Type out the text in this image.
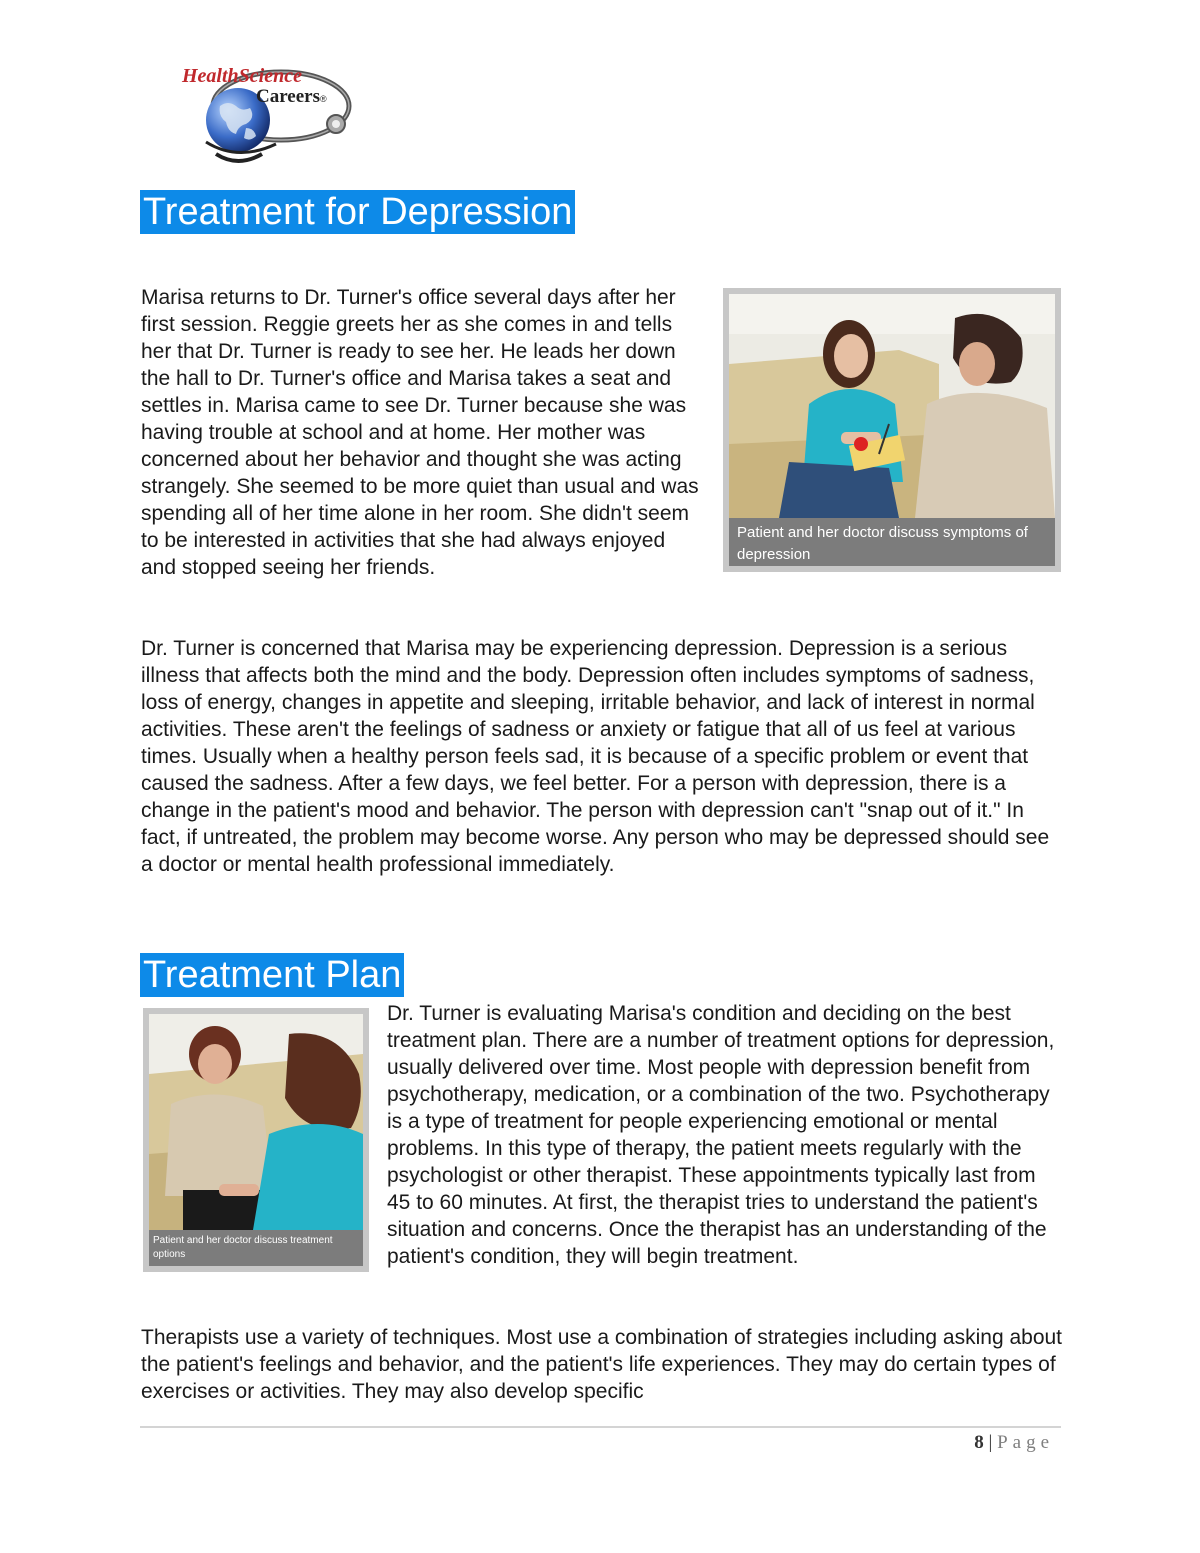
HealthScience
Careers ®
Treatment for Depression
Patient and her doctor discuss symptoms of depression

Marisa returns to Dr. Turner's office several days after her first session. Reggie greets her as she comes in and tells her that Dr. Turner is ready to see her. He leads her down the hall to Dr. Turner's office and Marisa takes a seat and settles in. Marisa came to see Dr. Turner because she was having trouble at school and at home. Her mother was concerned about her behavior and thought she was acting strangely. She seemed to be more quiet than usual and was spending all of her time alone in her room. She didn't seem to be interested in activities that she had always enjoyed and stopped seeing her friends.

Dr. Turner is concerned that Marisa may be experiencing depression. Depression is a serious illness that affects both the mind and the body. Depression often includes symptoms of sadness, loss of energy, changes in appetite and sleeping, irritable behavior, and lack of interest in normal activities. These aren't the feelings of sadness or anxiety or fatigue that all of us feel at various times. Usually when a healthy person feels sad, it is because of a specific problem or event that caused the sadness. After a few days, we feel better. For a person with depression, there is a change in the patient's mood and behavior. The person with depression can't "snap out of it." In fact, if untreated, the problem may become worse. Any person who may be depressed should see a doctor or mental health professional immediately.

Treatment Plan
Patient and her doctor discuss treatment options

Dr. Turner is evaluating Marisa's condition and deciding on the best treatment plan. There are a number of treatment options for depression, usually delivered over time. Most people with depression benefit from psychotherapy, medication, or a combination of the two. Psychotherapy is a type of treatment for people experiencing emotional or mental problems. In this type of therapy, the patient meets regularly with the psychologist or other therapist. These appointments typically last from 45 to 60 minutes. At first, the therapist tries to understand the patient's situation and concerns. Once the therapist has an understanding of the patient's condition, they will begin treatment.

Therapists use a variety of techniques. Most use a combination of strategies including asking about the patient's feelings and behavior, and the patient's life experiences. They may do certain types of exercises or activities. They may also develop specific

8 | Page
